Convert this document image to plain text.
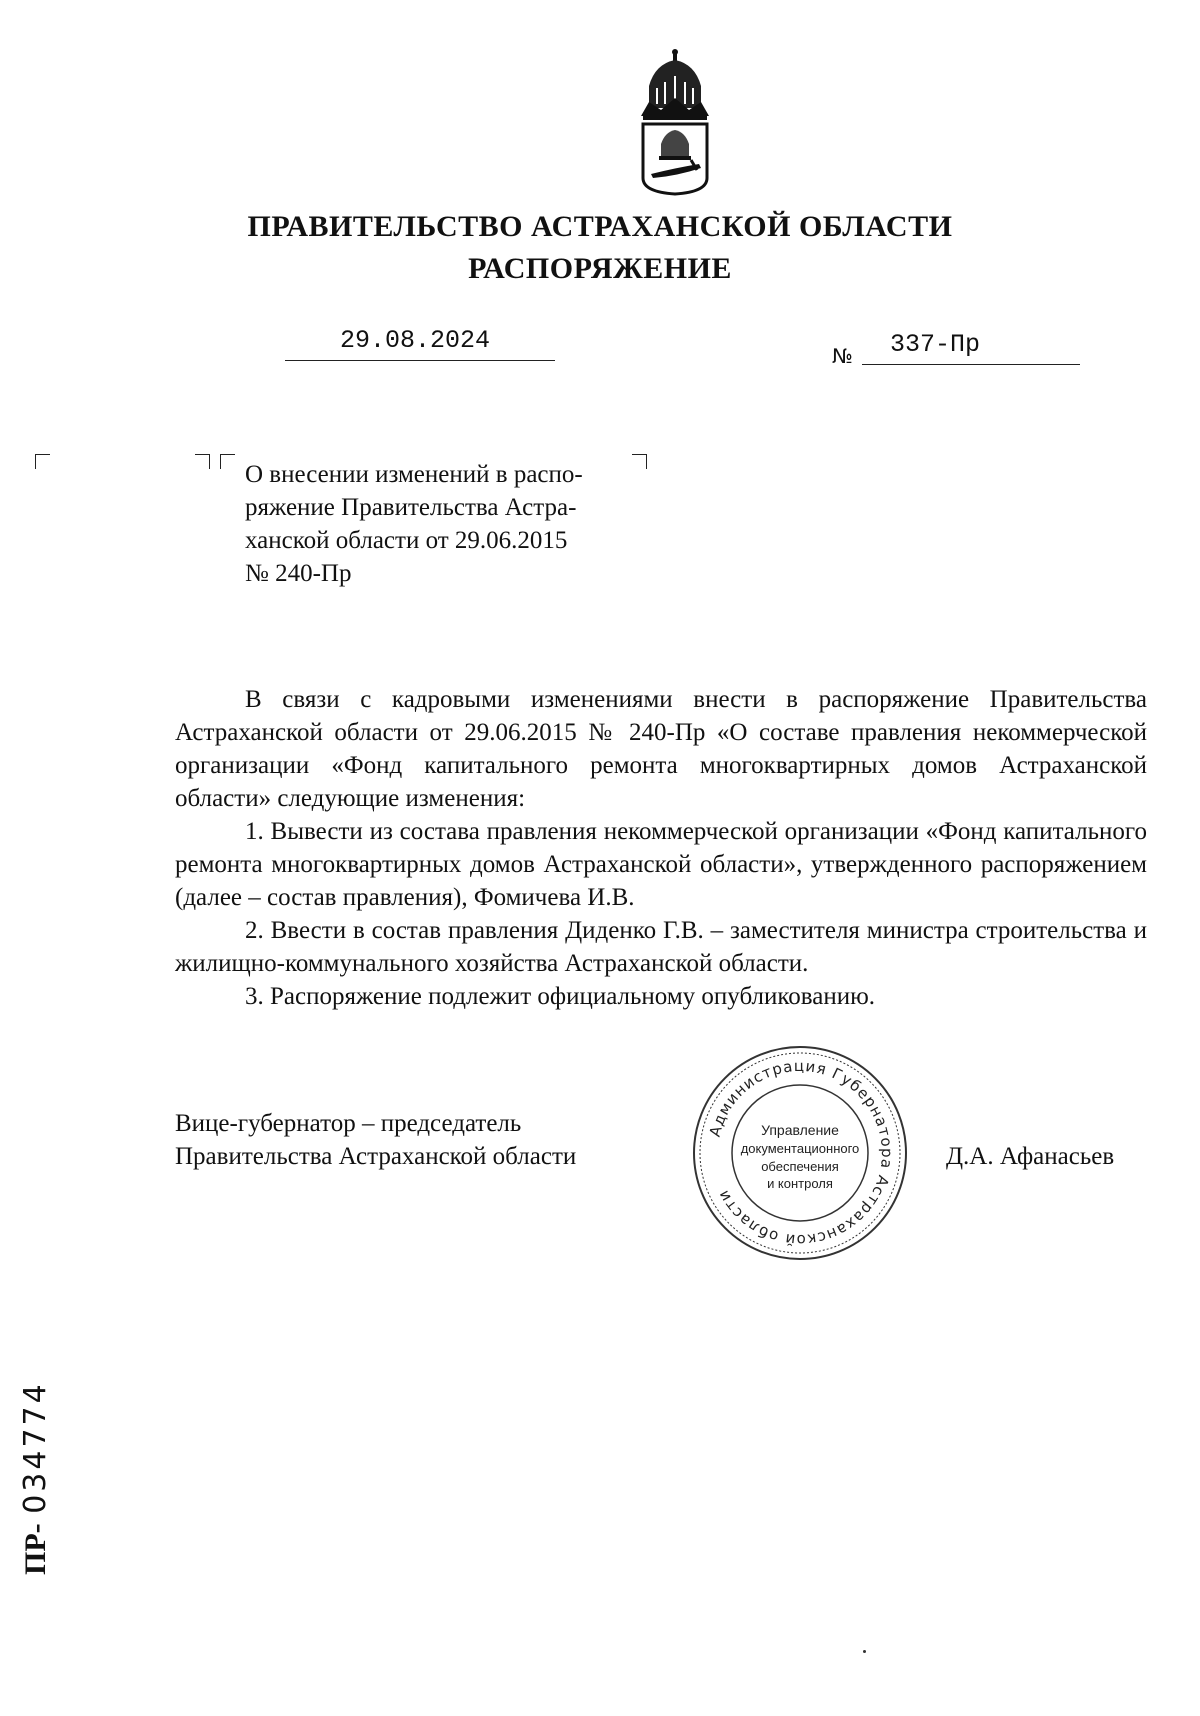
ПРАВИТЕЛЬСТВО АСТРАХАНСКОЙ ОБЛАСТИ
РАСПОРЯЖЕНИЕ
29.08.2024
№ 337-Пр
О внесении изменений в распо-
ряжение Правительства Астра-
ханской области от 29.06.2015
№ 240-Пр

В связи с кадровыми изменениями внести в распоряжение Правительства Астраханской области от 29.06.2015 № 240-Пр «О составе правления некоммерческой организации «Фонд капитального ремонта многоквартирных домов Астраханской области» следующие изменения:

1. Вывести из состава правления некоммерческой организации «Фонд капитального ремонта многоквартирных домов Астраханской области», утвержденного распоряжением (далее – состав правления), Фомичева И.В.

2. Ввести в состав правления Диденко Г.В. – заместителя министра строительства и жилищно-коммунального хозяйства Астраханской области.

3. Распоряжение подлежит официальному опубликованию.

Вице-губернатор – председатель
Правительства Астраханской области
Администрация Губернатора Астраханской области
Управление
документационного
обеспечения
и контроля
Д.А. Афанасьев
ПР- 034774
